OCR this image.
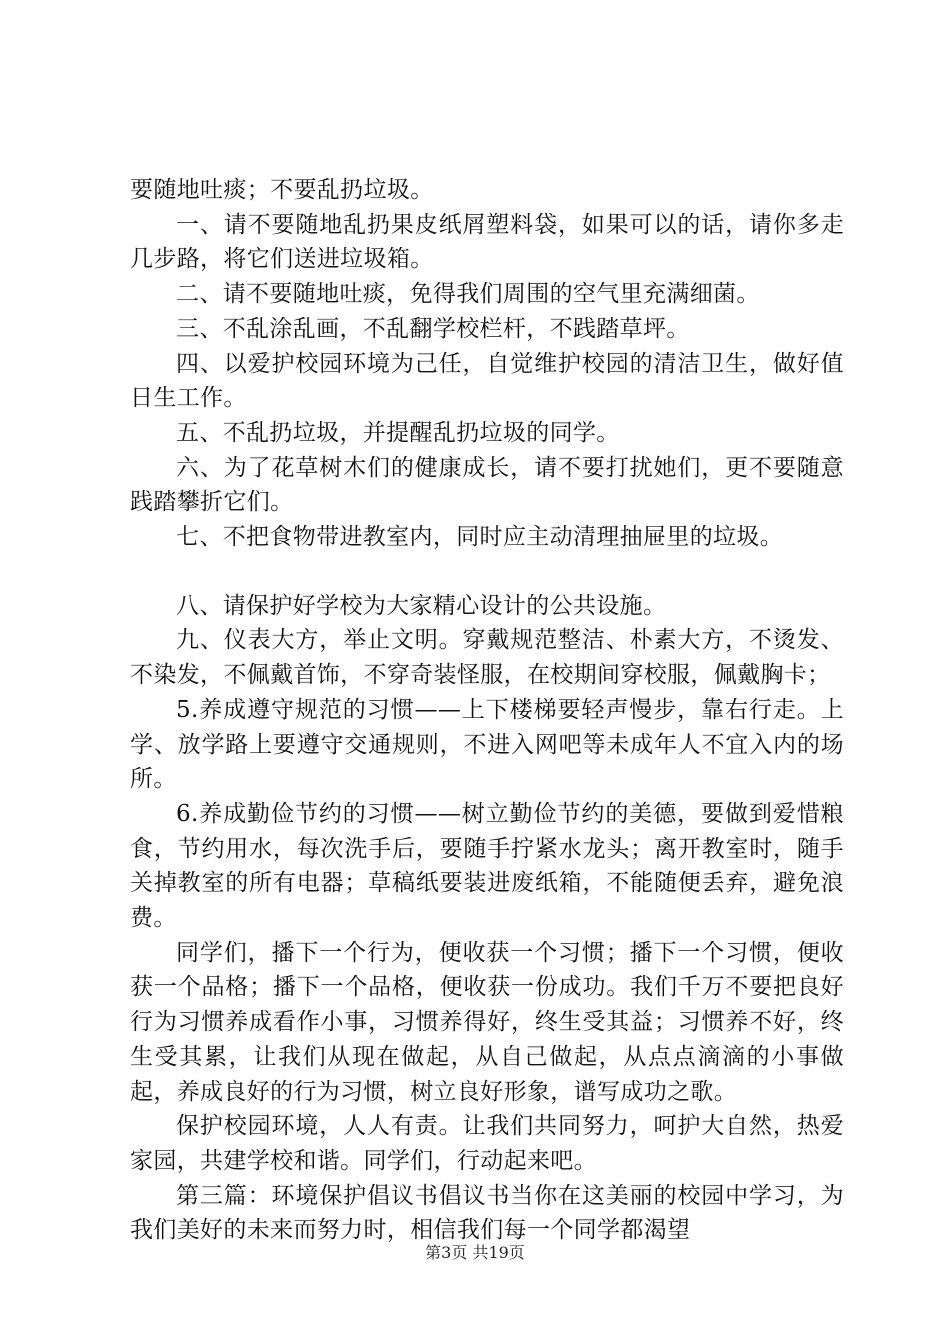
要随地吐痰；不要乱扔垃圾。

一、请不要随地乱扔果皮纸屑塑料袋，如果可以的话，请你多走几步路，将它们送进垃圾箱。

二、请不要随地吐痰，免得我们周围的空气里充满细菌。

三、不乱涂乱画，不乱翻学校栏杆，不践踏草坪。

四、以爱护校园环境为己任，自觉维护校园的清洁卫生，做好值日生工作。

五、不乱扔垃圾，并提醒乱扔垃圾的同学。

六、为了花草树木们的健康成长，请不要打扰她们，更不要随意践踏攀折它们。

七、不把食物带进教室内，同时应主动清理抽屉里的垃圾。

八、请保护好学校为大家精心设计的公共设施。

九、仪表大方，举止文明。穿戴规范整洁、朴素大方，不烫发、不染发，不佩戴首饰，不穿奇装怪服，在校期间穿校服，佩戴胸卡；

5.养成遵守规范的习惯——上下楼梯要轻声慢步，靠右行走。上学、放学路上要遵守交通规则，不进入网吧等未成年人不宜入内的场所。

6.养成勤俭节约的习惯——树立勤俭节约的美德，要做到爱惜粮食，节约用水，每次洗手后，要随手拧紧水龙头；离开教室时，随手关掉教室的所有电器；草稿纸要装进废纸箱，不能随便丢弃，避免浪费。

同学们，播下一个行为，便收获一个习惯；播下一个习惯，便收获一个品格；播下一个品格，便收获一份成功。我们千万不要把良好行为习惯养成看作小事，习惯养得好，终生受其益；习惯养不好，终生受其累，让我们从现在做起，从自己做起，从点点滴滴的小事做起，养成良好的行为习惯，树立良好形象，谱写成功之歌。

保护校园环境，人人有责。让我们共同努力，呵护大自然，热爱家园，共建学校和谐。同学们，行动起来吧。

第三篇：环境保护倡议书倡议书当你在这美丽的校园中学习，为我们美好的未来而努力时，相信我们每一个同学都渴望

第3页 共19页
